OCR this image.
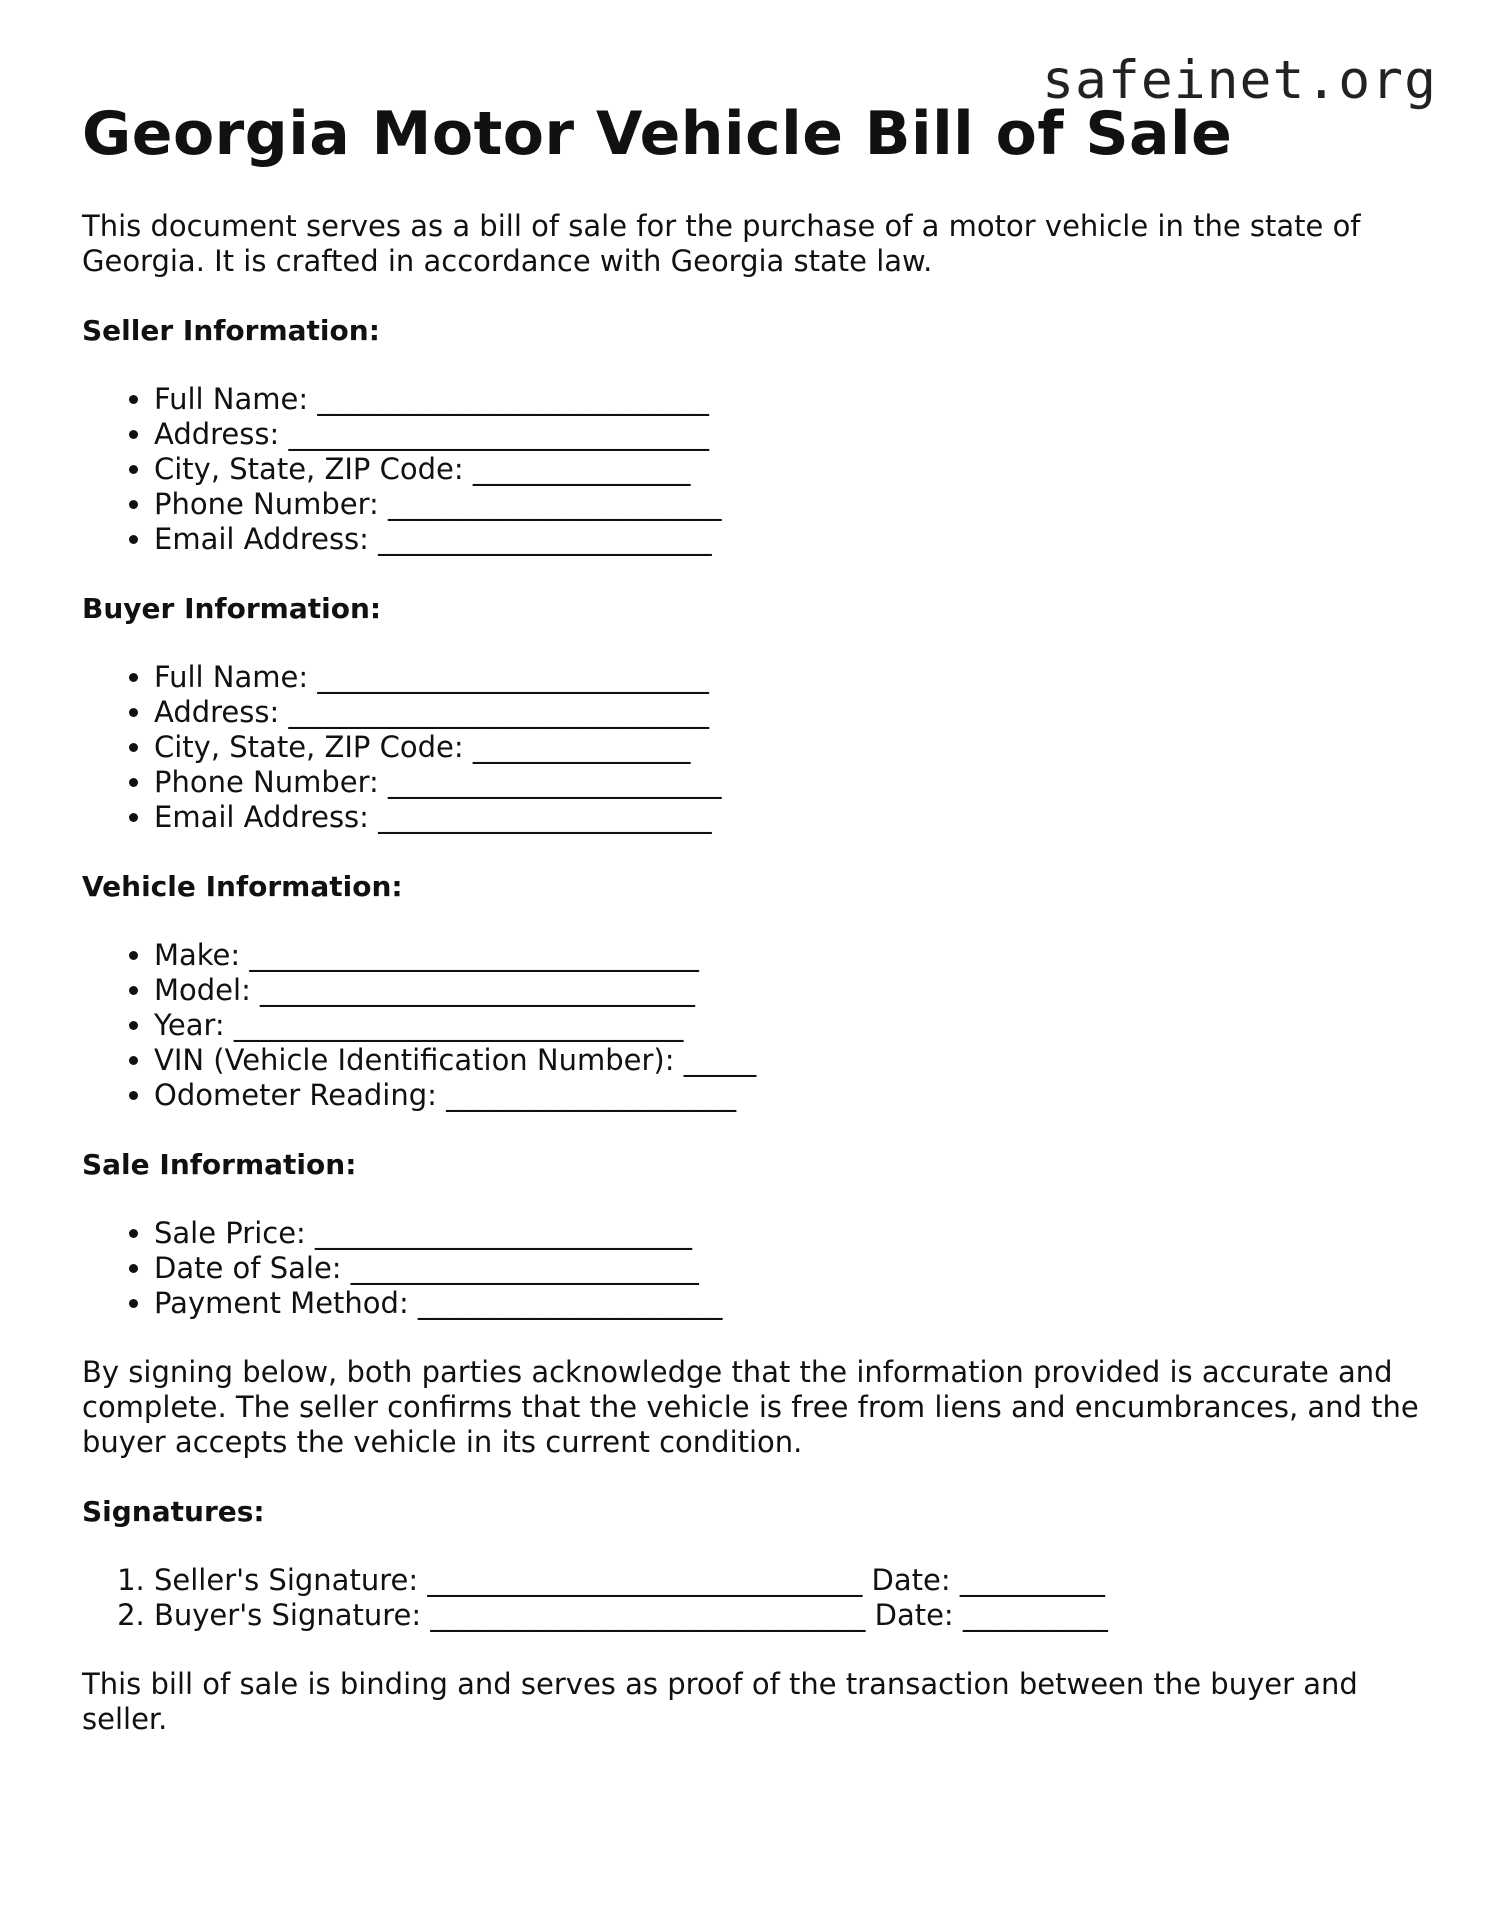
safeinet.org
Georgia Motor Vehicle Bill of Sale

This document serves as a bill of sale for the purchase of a motor vehicle in the state of Georgia. It is crafted in accordance with Georgia state law.

Seller Information:
• Full Name: ___________________________
• Address: _____________________________
• City, State, ZIP Code: _______________
• Phone Number: _______________________
• Email Address: _______________________
Buyer Information:
• Full Name: ___________________________
• Address: _____________________________
• City, State, ZIP Code: _______________
• Phone Number: _______________________
• Email Address: _______________________
Vehicle Information:
• Make: _______________________________
• Model: ______________________________
• Year: _______________________________
• VIN (Vehicle Identification Number): _____
• Odometer Reading: ____________________
Sale Information:
• Sale Price: __________________________
• Date of Sale: ________________________
• Payment Method: _____________________

By signing below, both parties acknowledge that the information provided is accurate and complete. The seller confirms that the vehicle is free from liens and encumbrances, and the buyer accepts the vehicle in its current condition.

Signatures:
1. Seller's Signature: ______________________________ Date: __________
2. Buyer's Signature: ______________________________ Date: __________

This bill of sale is binding and serves as proof of the transaction between the buyer and seller.
